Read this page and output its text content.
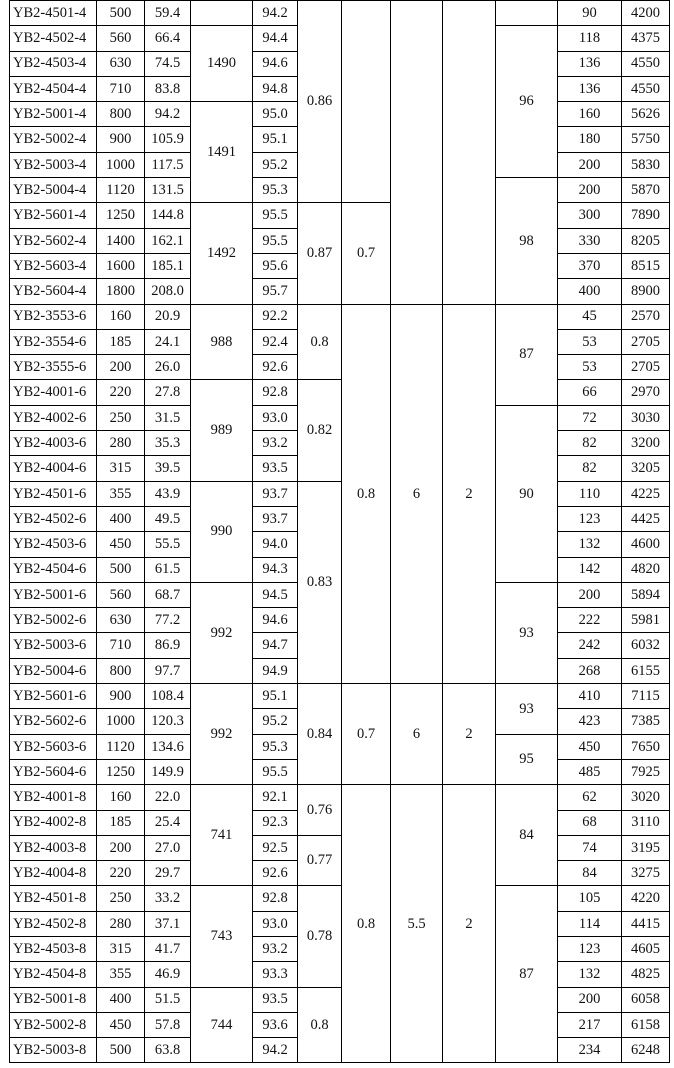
YB2-4501-4	500	59.4		94.2	0.86					90	4200
YB2-4502-4	560	66.4	1490	94.4					96	118	4375
YB2-4503-4	630	74.5		94.6						136	4550
YB2-4504-4	710	83.8		94.8						136	4550
YB2-5001-4	800	94.2	1491	95.0						160	5626
YB2-5002-4	900	105.9		95.1						180	5750
YB2-5003-4	1000	117.5		95.2						200	5830
YB2-5004-4	1120	131.5		95.3					98	200	5870
YB2-5601-4	1250	144.8	1492	95.5	0.87	0.7				300	7890
YB2-5602-4	1400	162.1		95.5						330	8205
YB2-5603-4	1600	185.1		95.6						370	8515
YB2-5604-4	1800	208.0		95.7						400	8900
YB2-3553-6	160	20.9	988	92.2	0.8	0.8	6	2	87	45	2570
YB2-3554-6	185	24.1		92.4						53	2705
YB2-3555-6	200	26.0		92.6						53	2705
YB2-4001-6	220	27.8	989	92.8	0.82					66	2970
YB2-4002-6	250	31.5		93.0					90	72	3030
YB2-4003-6	280	35.3		93.2						82	3200
YB2-4004-6	315	39.5		93.5						82	3205
YB2-4501-6	355	43.9	990	93.7	0.83					110	4225
YB2-4502-6	400	49.5		93.7						123	4425
YB2-4503-6	450	55.5		94.0						132	4600
YB2-4504-6	500	61.5		94.3						142	4820
YB2-5001-6	560	68.7	992	94.5					93	200	5894
YB2-5002-6	630	77.2		94.6						222	5981
YB2-5003-6	710	86.9		94.7						242	6032
YB2-5004-6	800	97.7		94.9						268	6155
YB2-5601-6	900	108.4	992	95.1	0.84	0.7	6	2	93	410	7115
YB2-5602-6	1000	120.3		95.2						423	7385
YB2-5603-6	1120	134.6		95.3					95	450	7650
YB2-5604-6	1250	149.9		95.5						485	7925
YB2-4001-8	160	22.0	741	92.1	0.76	0.8	5.5	2	84	62	3020
YB2-4002-8	185	25.4		92.3						68	3110
YB2-4003-8	200	27.0		92.5	0.77					74	3195
YB2-4004-8	220	29.7		92.6						84	3275
YB2-4501-8	250	33.2	743	92.8	0.78				87	105	4220
YB2-4502-8	280	37.1		93.0						114	4415
YB2-4503-8	315	41.7		93.2						123	4605
YB2-4504-8	355	46.9		93.3						132	4825
YB2-5001-8	400	51.5	744	93.5	0.8					200	6058
YB2-5002-8	450	57.8		93.6						217	6158
YB2-5003-8	500	63.8		94.2						234	6248
